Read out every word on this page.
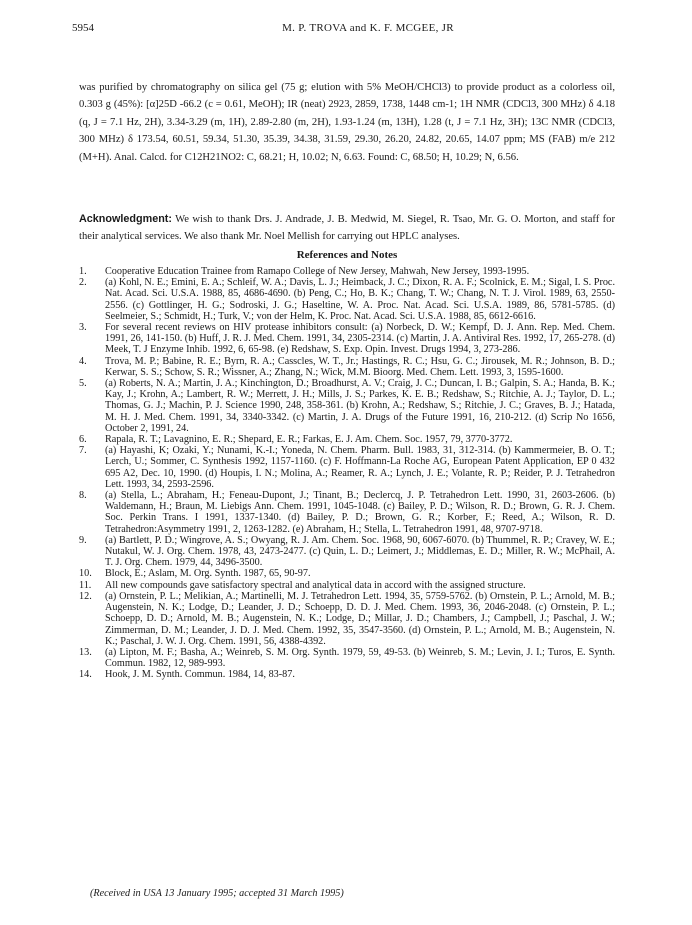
5954	M. P. TROVA and K. F. MCGEE, JR
was purified by chromatography on silica gel (75 g; elution with 5% MeOH/CHCl3) to provide product as a colorless oil, 0.303 g (45%): [α]25D -66.2 (c = 0.61, MeOH); IR (neat) 2923, 2859, 1738, 1448 cm-1; 1H NMR (CDCl3, 300 MHz) δ 4.18 (q, J = 7.1 Hz, 2H), 3.34-3.29 (m, 1H), 2.89-2.80 (m, 2H), 1.93-1.24 (m, 13H), 1.28 (t, J = 7.1 Hz, 3H); 13C NMR (CDCl3, 300 MHz) δ 173.54, 60.51, 59.34, 51.30, 35.39, 34.38, 31.59, 29.30, 26.20, 24.82, 20.65, 14.07 ppm; MS (FAB) m/e 212 (M+H). Anal. Calcd. for C12H21NO2: C, 68.21; H, 10.02; N, 6.63. Found: C, 68.50; H, 10.29; N, 6.56.
Acknowledgment: We wish to thank Drs. J. Andrade, J. B. Medwid, M. Siegel, R. Tsao, Mr. G. O. Morton, and staff for their analytical services. We also thank Mr. Noel Mellish for carrying out HPLC analyses.
References and Notes
1.	Cooperative Education Trainee from Ramapo College of New Jersey, Mahwah, New Jersey, 1993-1995.
2.	(a) Kohl, N. E.; Emini, E. A.; Schleif, W. A.; Davis, L. J.; Heimback, J. C.; Dixon, R. A. F.; Scolnick, E. M.; Sigal, I. S. Proc. Nat. Acad. Sci. U.S.A. 1988, 85, 4686-4690. (b) Peng, C.; Ho, B. K.; Chang, T. W.; Chang, N. T. J. Virol. 1989, 63, 2550-2556. (c) Gottlinger, H. G.; Sodroski, J. G.; Haseltine, W. A. Proc. Nat. Acad. Sci. U.S.A. 1989, 86, 5781-5785. (d) Seelmeier, S.; Schmidt, H.; Turk, V.; von der Helm, K. Proc. Nat. Acad. Sci. U.S.A. 1988, 85, 6612-6616.
3.	For several recent reviews on HIV protease inhibitors consult: (a) Norbeck, D. W.; Kempf, D. J. Ann. Rep. Med. Chem. 1991, 26, 141-150. (b) Huff, J. R. J. Med. Chem. 1991, 34, 2305-2314. (c) Martin, J. A. Antiviral Res. 1992, 17, 265-278. (d) Meek, T. J Enzyme Inhib. 1992, 6, 65-98. (e) Redshaw, S. Exp. Opin. Invest. Drugs 1994, 3, 273-286.
4.	Trova, M. P.; Babine, R. E.; Byrn, R. A.; Casscles, W. T., Jr.; Hastings, R. C.; Hsu, G. C.; Jirousek, M. R.; Johnson, B. D.; Kerwar, S. S.; Schow, S. R.; Wissner, A.; Zhang, N.; Wick, M.M. Bioorg. Med. Chem. Lett. 1993, 3, 1595-1600.
5.	(a) Roberts, N. A.; Martin, J. A.; Kinchington, D.; Broadhurst, A. V.; Craig, J. C.; Duncan, I. B.; Galpin, S. A.; Handa, B. K.; Kay, J.; Krohn, A.; Lambert, R. W.; Merrett, J. H.; Mills, J. S.; Parkes, K. E. B.; Redshaw, S.; Ritchie, A. J.; Taylor, D. L.; Thomas, G. J.; Machin, P. J. Science 1990, 248, 358-361. (b) Krohn, A.; Redshaw, S.; Ritchie, J. C.; Graves, B. J.; Hatada, M. H. J. Med. Chem. 1991, 34, 3340-3342. (c) Martin, J. A. Drugs of the Future 1991, 16, 210-212. (d) Scrip No 1656, October 2, 1991, 24.
6.	Rapala, R. T.; Lavagnino, E. R.; Shepard, E. R.; Farkas, E. J. Am. Chem. Soc. 1957, 79, 3770-3772.
7.	(a) Hayashi, K; Ozaki, Y.; Nunami, K.-I.; Yoneda, N. Chem. Pharm. Bull. 1983, 31, 312-314. (b) Kammermeier, B. O. T.; Lerch, U.; Sommer, C. Synthesis 1992, 1157-1160. (c) F. Hoffmann-La Roche AG, European Patent Application, EP 0 432 695 A2, Dec. 10, 1990. (d) Houpis, I. N.; Molina, A.; Reamer, R. A.; Lynch, J. E.; Volante, R. P.; Reider, P. J. Tetrahedron Lett. 1993, 34, 2593-2596.
8.	(a) Stella, L.; Abraham, H.; Feneau-Dupont, J.; Tinant, B.; Declercq, J. P. Tetrahedron Lett. 1990, 31, 2603-2606. (b) Waldemann, H.; Braun, M. Liebigs Ann. Chem. 1991, 1045-1048. (c) Bailey, P. D.; Wilson, R. D.; Brown, G. R. J. Chem. Soc. Perkin Trans. I 1991, 1337-1340. (d) Bailey, P. D.; Brown, G. R.; Korber, F.; Reed, A.; Wilson, R. D. Tetrahedron:Asymmetry 1991, 2, 1263-1282. (e) Abraham, H.; Stella, L. Tetrahedron 1991, 48, 9707-9718.
9.	(a) Bartlett, P. D.; Wingrove, A. S.; Owyang, R. J. Am. Chem. Soc. 1968, 90, 6067-6070. (b) Thummel, R. P.; Cravey, W. E.; Nutakul, W. J. Org. Chem. 1978, 43, 2473-2477. (c) Quin, L. D.; Leimert, J.; Middlemas, E. D.; Miller, R. W.; McPhail, A. T. J. Org. Chem. 1979, 44, 3496-3500.
10.	Block, E.; Aslam, M. Org. Synth. 1987, 65, 90-97.
11.	All new compounds gave satisfactory spectral and analytical data in accord with the assigned structure.
12.	(a) Ornstein, P. L.; Melikian, A.; Martinelli, M. J. Tetrahedron Lett. 1994, 35, 5759-5762. (b) Ornstein, P. L.; Arnold, M. B.; Augenstein, N. K.; Lodge, D.; Leander, J. D.; Schoepp, D. D. J. Med. Chem. 1993, 36, 2046-2048. (c) Ornstein, P. L.; Schoepp, D. D.; Arnold, M. B.; Augenstein, N. K.; Lodge, D.; Millar, J. D.; Chambers, J.; Campbell, J.; Paschal, J. W.; Zimmerman, D. M.; Leander, J. D. J. Med. Chem. 1992, 35, 3547-3560. (d) Ornstein, P. L.; Arnold, M. B.; Augenstein, N. K.; Paschal, J. W. J. Org. Chem. 1991, 56, 4388-4392.
13.	(a) Lipton, M. F.; Basha, A.; Weinreb, S. M. Org. Synth. 1979, 59, 49-53. (b) Weinreb, S. M.; Levin, J. I.; Turos, E. Synth. Commun. 1982, 12, 989-993.
14.	Hook, J. M. Synth. Commun. 1984, 14, 83-87.
(Received in USA 13 January 1995; accepted 31 March 1995)
